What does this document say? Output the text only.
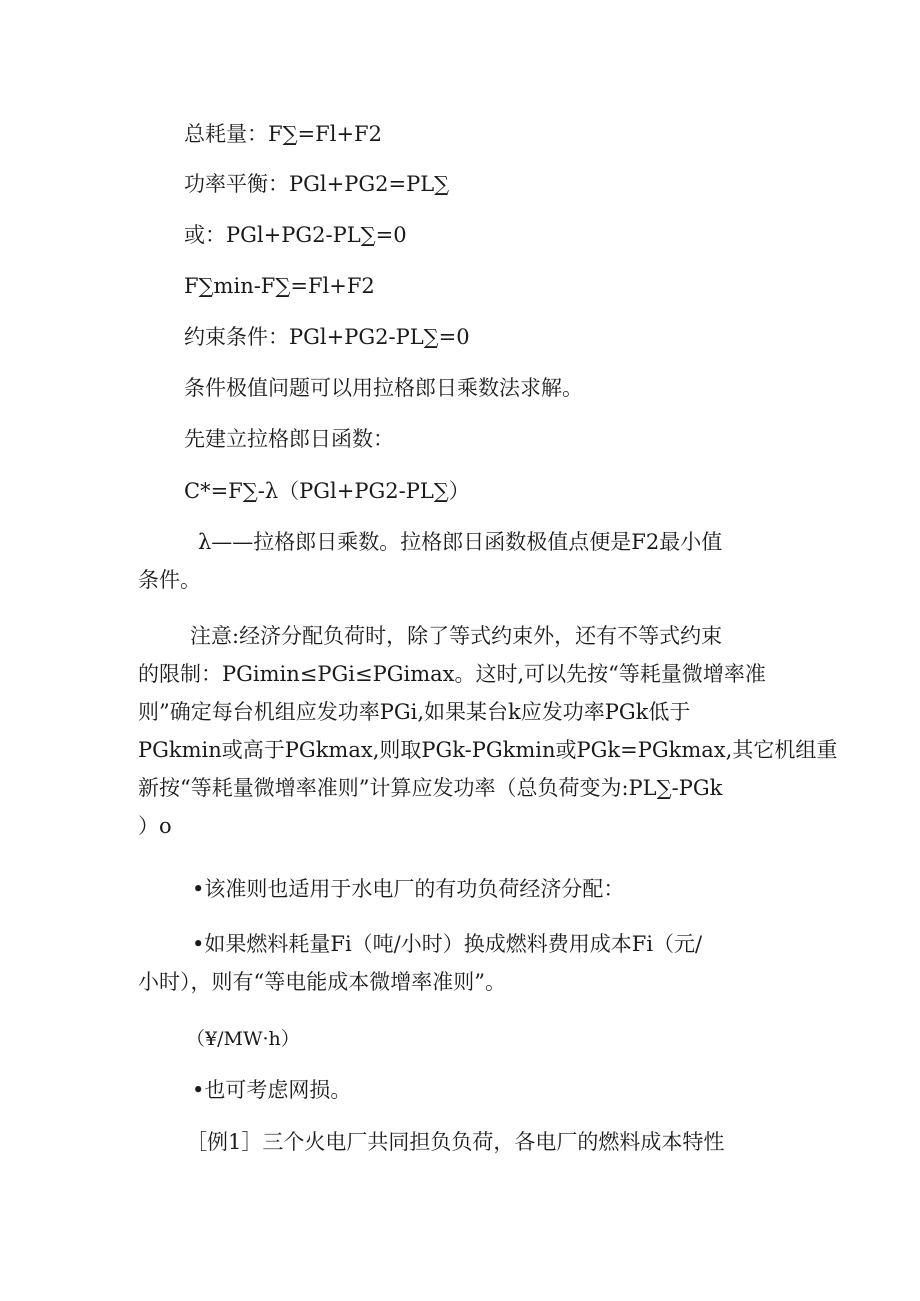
总耗量：F∑=Fl+F2
功率平衡：PGl+PG2=PL∑
或：PGl+PG2-PL∑=0
F∑min-F∑=Fl+F2
约束条件：PGl+PG2-PL∑=0
条件极值问题可以用拉格郎日乘数法求解。
先建立拉格郎日函数：
C*=F∑-λ（PGl+PG2-PL∑）
λ——拉格郎日乘数。拉格郎日函数极值点便是F2最小值
条件。
注意:经济分配负荷时，除了等式约束外，还有不等式约束
的限制：PGimin≤PGi≤PGimax。这时,可以先按“等耗量微增率准
则”确定每台机组应发功率PGi,如果某台k应发功率PGk低于
PGkmin或高于PGkmax,则取PGk-PGkmin或PGk=PGkmax,其它机组重
新按“等耗量微增率准则”计算应发功率（总负荷变为:PL∑-PGk
）o
•该准则也适用于水电厂的有功负荷经济分配：
•如果燃料耗量Fi（吨/小时）换成燃料费用成本Fi（元/
小时），则有“等电能成本微增率准则”。
（¥/MW·h）
•也可考虑网损。
［例1］三个火电厂共同担负负荷，各电厂的燃料成本特性
